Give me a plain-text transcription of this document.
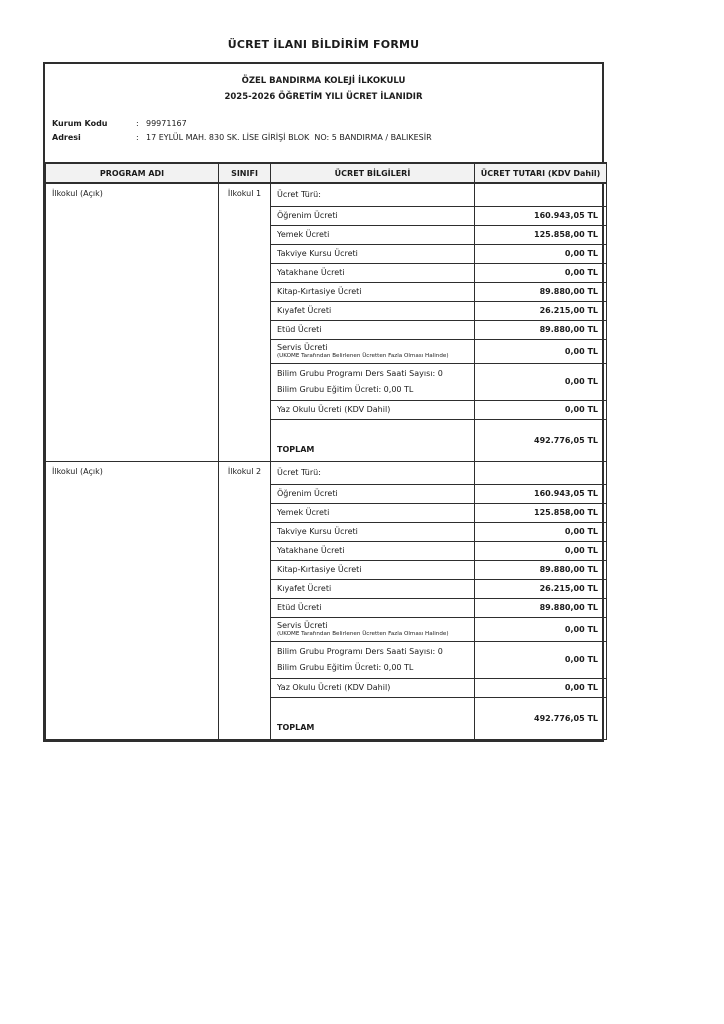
ÜCRET İLANI BİLDİRİM FORMU
ÖZEL BANDIRMA KOLEJİ İLKOKULU
2025-2026 ÖĞRETİM YILI ÜCRET İLANIDIR
Kurum Kodu	: 99971167
Adresi	: 17 EYLÜL MAH. 830 SK. LİSE GİRİŞİ BLOK  NO: 5 BANDIRMA / BALIKESİR
PROGRAM ADI	SINIFI	ÜCRET BİLGİLERİ	ÜCRET TUTARI (KDV Dahil)
İlkokul (Açık)	İlkokul 1	Ücret Türü:	

		Öğrenim Ücreti	160.943,05 TL

		Yemek Ücreti	125.858,00 TL

		Takviye Kursu Ücreti	0,00 TL

		Yatakhane Ücreti	0,00 TL

		Kitap-Kırtasiye Ücreti	89.880,00 TL

		Kıyafet Ücreti	26.215,00 TL

		Etüd Ücreti	89.880,00 TL

		Servis Ücreti
(UKOME Tarafından Belirlenen Ücretten Fazla Olması Halinde)	0,00 TL

		Bilim Grubu Programı Ders Saati Sayısı: 0
Bilim Grubu Eğitim Ücreti: 0,00 TL	0,00 TL

		Yaz Okulu Ücreti (KDV Dahil)	0,00 TL
		TOPLAM	492.776,05 TL
İlkokul (Açık)	İlkokul 2	Ücret Türü:	

		Öğrenim Ücreti	160.943,05 TL

		Yemek Ücreti	125.858,00 TL

		Takviye Kursu Ücreti	0,00 TL

		Yatakhane Ücreti	0,00 TL

		Kitap-Kırtasiye Ücreti	89.880,00 TL

		Kıyafet Ücreti	26.215,00 TL

		Etüd Ücreti	89.880,00 TL

		Servis Ücreti
(UKOME Tarafından Belirlenen Ücretten Fazla Olması Halinde)	0,00 TL

		Bilim Grubu Programı Ders Saati Sayısı: 0
Bilim Grubu Eğitim Ücreti: 0,00 TL	0,00 TL

		Yaz Okulu Ücreti (KDV Dahil)	0,00 TL
		TOPLAM	492.776,05 TL
